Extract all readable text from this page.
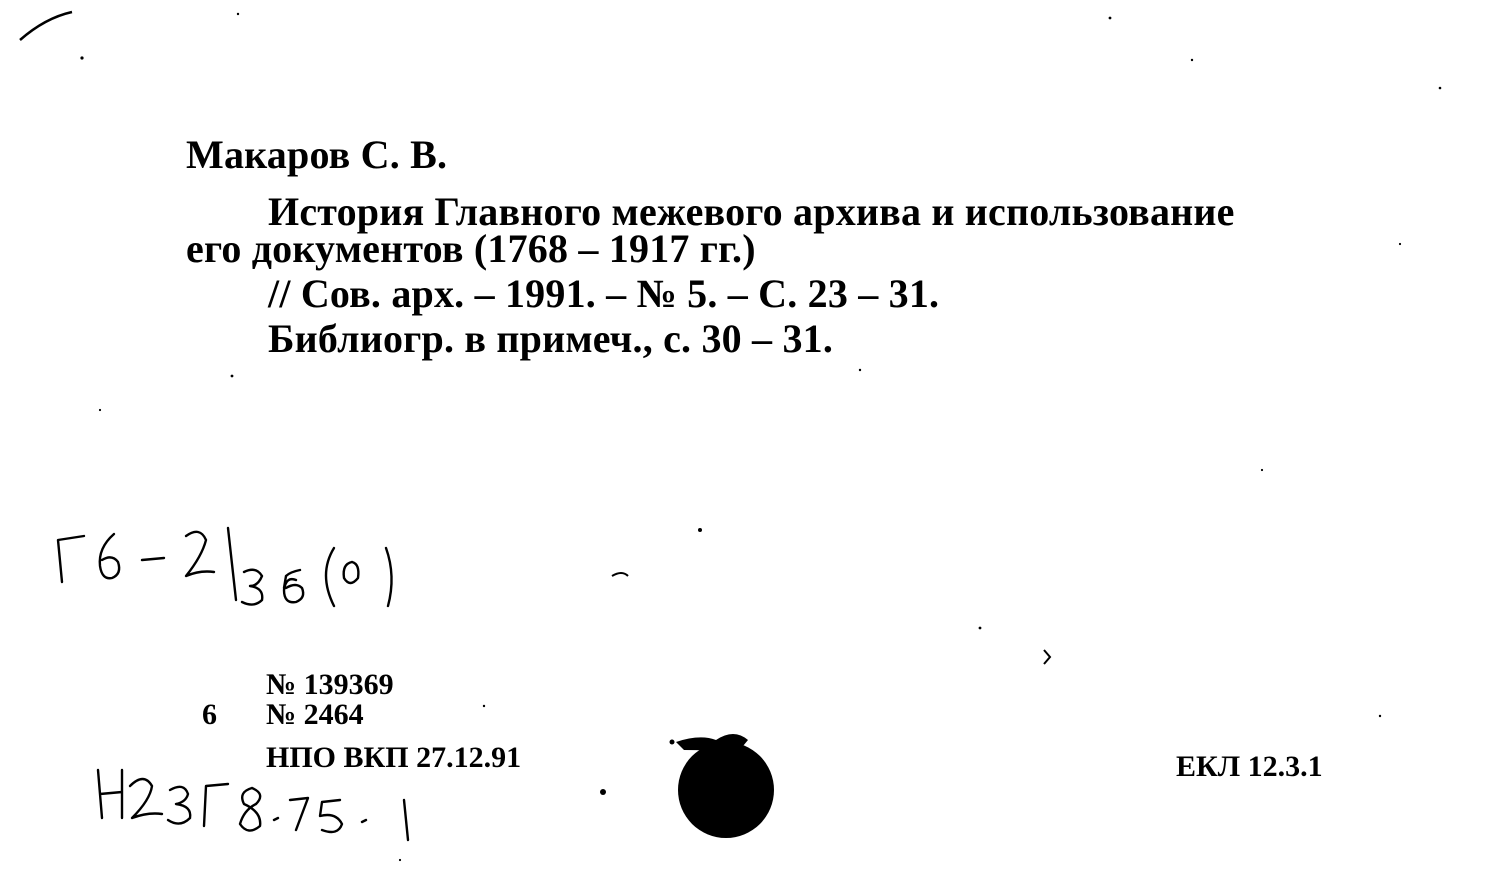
Макаров С. В.
История Главного межевого архива и использование
его документов (1768 – 1917 гг.)
// Сов. арх. – 1991. – № 5. – С. 23 – 31.
Библиогр. в примеч., с. 30 – 31.
№ 139369
6 № 2464
НПО ВКП 27.12.91	ЕКЛ 12.3.1
